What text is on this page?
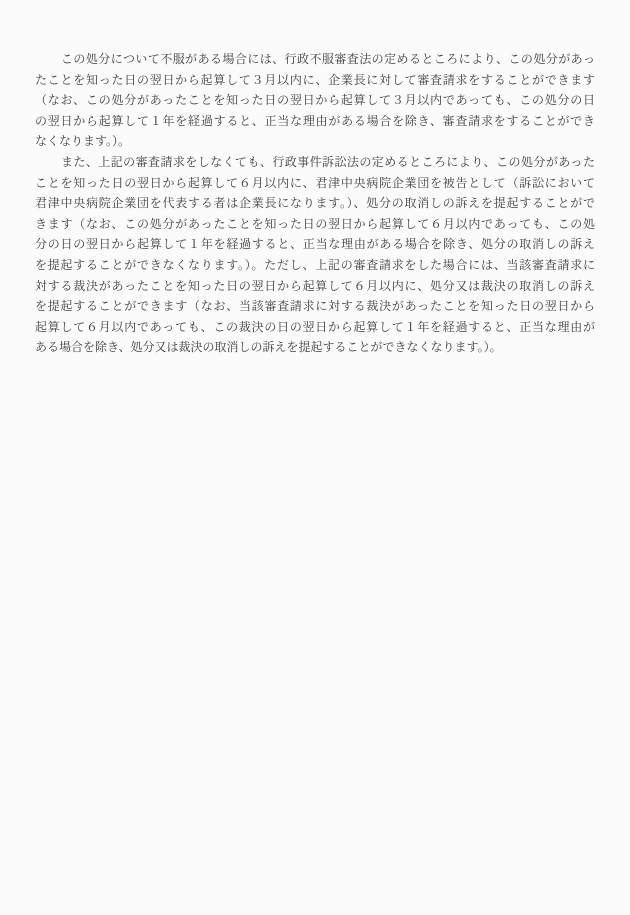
この処分について不服がある場合には、行政不服審査法の定めるところにより、この処分があっ
たことを知った日の翌日から起算して３月以内に、企業長に対して審査請求をすることができます
（なお、この処分があったことを知った日の翌日から起算して３月以内であっても、この処分の日
の翌日から起算して１年を経過すると、正当な理由がある場合を除き、審査請求をすることができ
なくなります。）。
また、上記の審査請求をしなくても、行政事件訴訟法の定めるところにより、この処分があった
ことを知った日の翌日から起算して６月以内に、君津中央病院企業団を被告として（訴訟において
君津中央病院企業団を代表する者は企業長になります。）、処分の取消しの訴えを提起することがで
きます（なお、この処分があったことを知った日の翌日から起算して６月以内であっても、この処
分の日の翌日から起算して１年を経過すると、正当な理由がある場合を除き、処分の取消しの訴え
を提起することができなくなります。）。ただし、上記の審査請求をした場合には、当該審査請求に
対する裁決があったことを知った日の翌日から起算して６月以内に、処分又は裁決の取消しの訴え
を提起することができます（なお、当該審査請求に対する裁決があったことを知った日の翌日から
起算して６月以内であっても、この裁決の日の翌日から起算して１年を経過すると、正当な理由が
ある場合を除き、処分又は裁決の取消しの訴えを提起することができなくなります。）。
